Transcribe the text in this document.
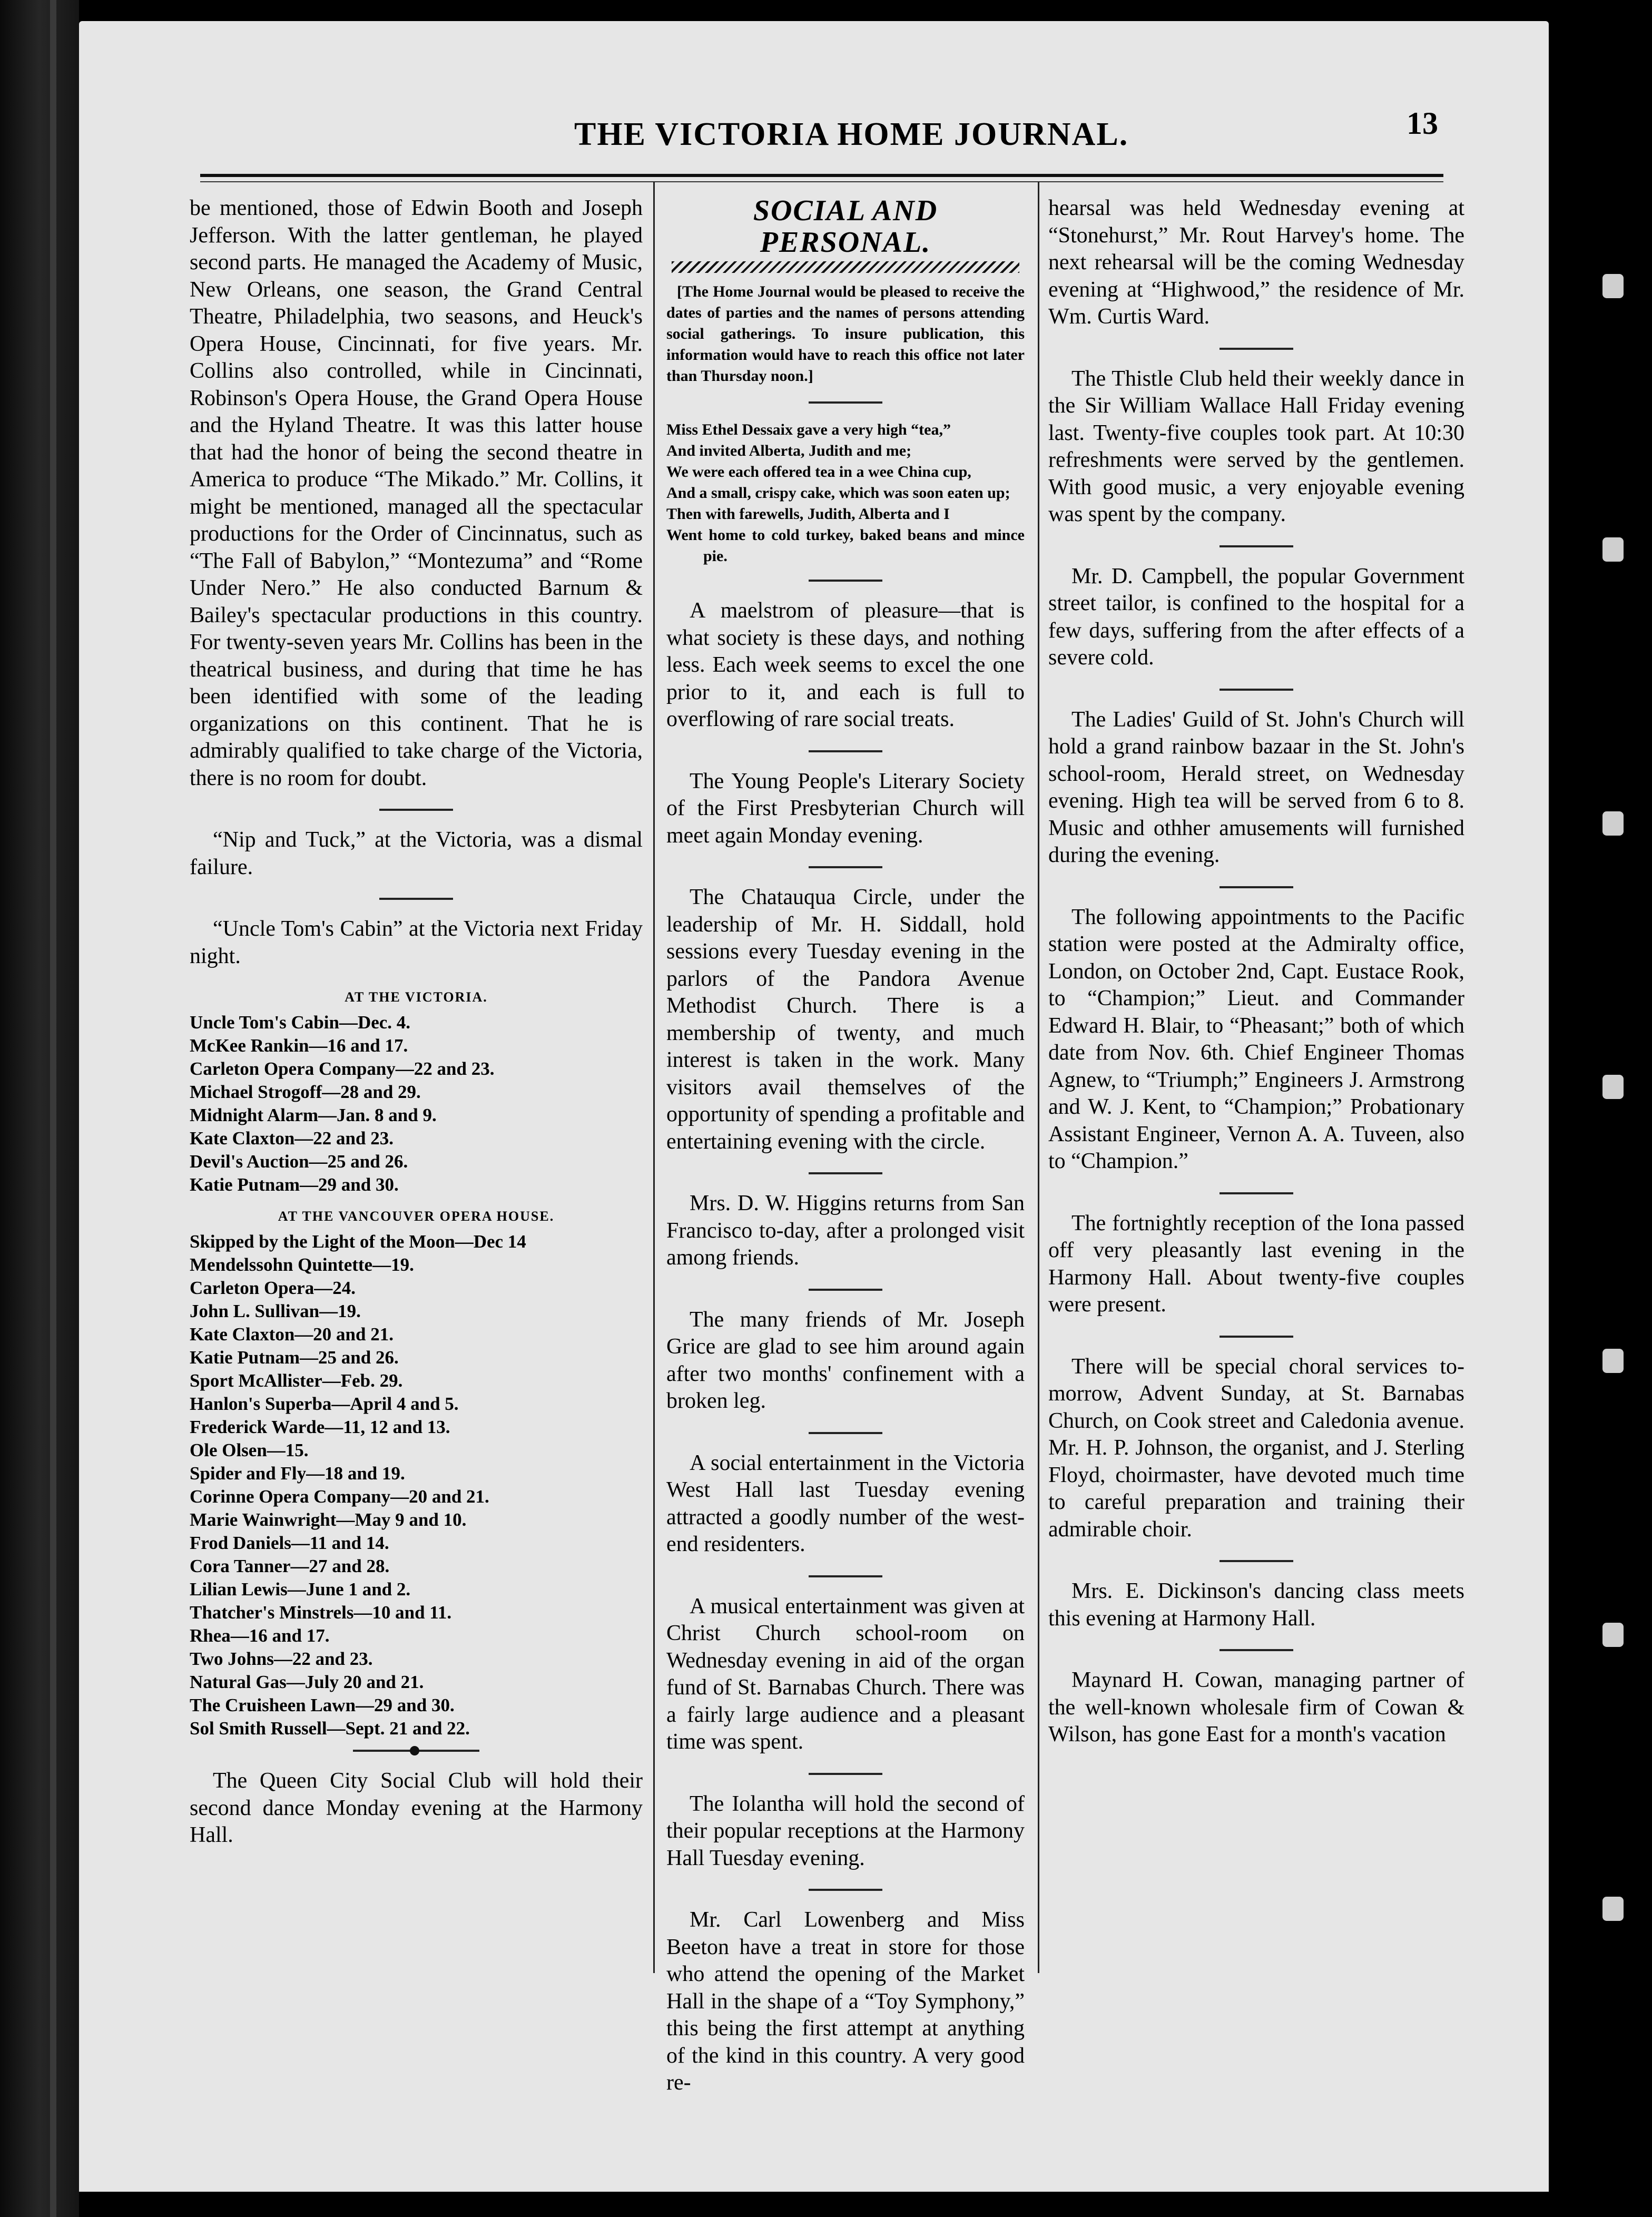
THE VICTORIA HOME JOURNAL.	13

be mentioned, those of Edwin Booth and Joseph Jefferson. With the latter gentleman, he played second parts. He managed the Academy of Music, New Orleans, one season, the Grand Central Theatre, Philadelphia, two seasons, and Heuck's Opera House, Cincinnati, for five years. Mr. Collins also controlled, while in Cincinnati, Robinson's Opera House, the Grand Opera House and the Hyland Theatre. It was this latter house that had the honor of being the second theatre in America to produce “The Mikado.” Mr. Collins, it might be mentioned, managed all the spectacular productions for the Order of Cincinnatus, such as “The Fall of Babylon,” “Montezuma” and “Rome Under Nero.” He also conducted Barnum & Bailey's spectacular productions in this country. For twenty-seven years Mr. Collins has been in the theatrical business, and during that time he has been identified with some of the leading organizations on this continent. That he is admirably qualified to take charge of the Victoria, there is no room for doubt.

“Nip and Tuck,” at the Victoria, was a dismal failure.

“Uncle Tom's Cabin” at the Victoria next Friday night.

AT THE VICTORIA.
Uncle Tom's Cabin—Dec. 4.
McKee Rankin—16 and 17.
Carleton Opera Company—22 and 23.
Michael Strogoff—28 and 29.
Midnight Alarm—Jan. 8 and 9.
Kate Claxton—22 and 23.
Devil's Auction—25 and 26.
Katie Putnam—29 and 30.
AT THE VANCOUVER OPERA HOUSE.
Skipped by the Light of the Moon—Dec 14
Mendelssohn Quintette—19.
Carleton Opera—24.
John L. Sullivan—19.
Kate Claxton—20 and 21.
Katie Putnam—25 and 26.
Sport McAllister—Feb. 29.
Hanlon's Superba—April 4 and 5.
Frederick Warde—11, 12 and 13.
Ole Olsen—15.
Spider and Fly—18 and 19.
Corinne Opera Company—20 and 21.
Marie Wainwright—May 9 and 10.
Frod Daniels—11 and 14.
Cora Tanner—27 and 28.
Lilian Lewis—June 1 and 2.
Thatcher's Minstrels—10 and 11.
Rhea—16 and 17.
Two Johns—22 and 23.
Natural Gas—July 20 and 21.
The Cruisheen Lawn—29 and 30.
Sol Smith Russell—Sept. 21 and 22.

The Queen City Social Club will hold their second dance Monday evening at the Harmony Hall.

SOCIAL AND PERSONAL.
[The Home Journal would be pleased to receive the dates of parties and the names of persons attending social gatherings. To insure publication, this information would have to reach this office not later than Thursday noon.]
Miss Ethel Dessaix gave a very high “tea,”
And invited Alberta, Judith and me;
We were each offered tea in a wee China cup,
And a small, crispy cake, which was soon eaten up;
Then with farewells, Judith, Alberta and I
Went home to cold turkey, baked beans and mince pie.

A maelstrom of pleasure—that is what society is these days, and nothing less. Each week seems to excel the one prior to it, and each is full to overflowing of rare social treats.

The Young People's Literary Society of the First Presbyterian Church will meet again Monday evening.

The Chatauqua Circle, under the leadership of Mr. H. Siddall, hold sessions every Tuesday evening in the parlors of the Pandora Avenue Methodist Church. There is a membership of twenty, and much interest is taken in the work. Many visitors avail themselves of the opportunity of spending a profitable and entertaining evening with the circle.

Mrs. D. W. Higgins returns from San Francisco to-day, after a prolonged visit among friends.

The many friends of Mr. Joseph Grice are glad to see him around again after two months' confinement with a broken leg.

A social entertainment in the Victoria West Hall last Tuesday evening attracted a goodly number of the west-end residenters.

A musical entertainment was given at Christ Church school-room on Wednesday evening in aid of the organ fund of St. Barnabas Church. There was a fairly large audience and a pleasant time was spent.

The Iolantha will hold the second of their popular receptions at the Harmony Hall Tuesday evening.

Mr. Carl Lowenberg and Miss Beeton have a treat in store for those who attend the opening of the Market Hall in the shape of a “Toy Symphony,” this being the first attempt at anything of the kind in this country. A very good re-

hearsal was held Wednesday evening at “Stonehurst,” Mr. Rout Harvey's home. The next rehearsal will be the coming Wednesday evening at “Highwood,” the residence of Mr. Wm. Curtis Ward.

The Thistle Club held their weekly dance in the Sir William Wallace Hall Friday evening last. Twenty-five couples took part. At 10:30 refreshments were served by the gentlemen. With good music, a very enjoyable evening was spent by the company.

Mr. D. Campbell, the popular Government street tailor, is confined to the hospital for a few days, suffering from the after effects of a severe cold.

The Ladies' Guild of St. John's Church will hold a grand rainbow bazaar in the St. John's school-room, Herald street, on Wednesday evening. High tea will be served from 6 to 8. Music and othher amusements will furnished during the evening.

The following appointments to the Pacific station were posted at the Admiralty office, London, on October 2nd, Capt. Eustace Rook, to “Champion;” Lieut. and Commander Edward H. Blair, to “Pheasant;” both of which date from Nov. 6th. Chief Engineer Thomas Agnew, to “Triumph;” Engineers J. Armstrong and W. J. Kent, to “Champion;” Probationary Assistant Engineer, Vernon A. A. Tuveen, also to “Champion.”

The fortnightly reception of the Iona passed off very pleasantly last evening in the Harmony Hall. About twenty-five couples were present.

There will be special choral services to-morrow, Advent Sunday, at St. Barnabas Church, on Cook street and Caledonia avenue. Mr. H. P. Johnson, the organist, and J. Sterling Floyd, choirmaster, have devoted much time to careful preparation and training their admirable choir.

Mrs. E. Dickinson's dancing class meets this evening at Harmony Hall.

Maynard H. Cowan, managing partner of the well-known wholesale firm of Cowan & Wilson, has gone East for a month's vacation
